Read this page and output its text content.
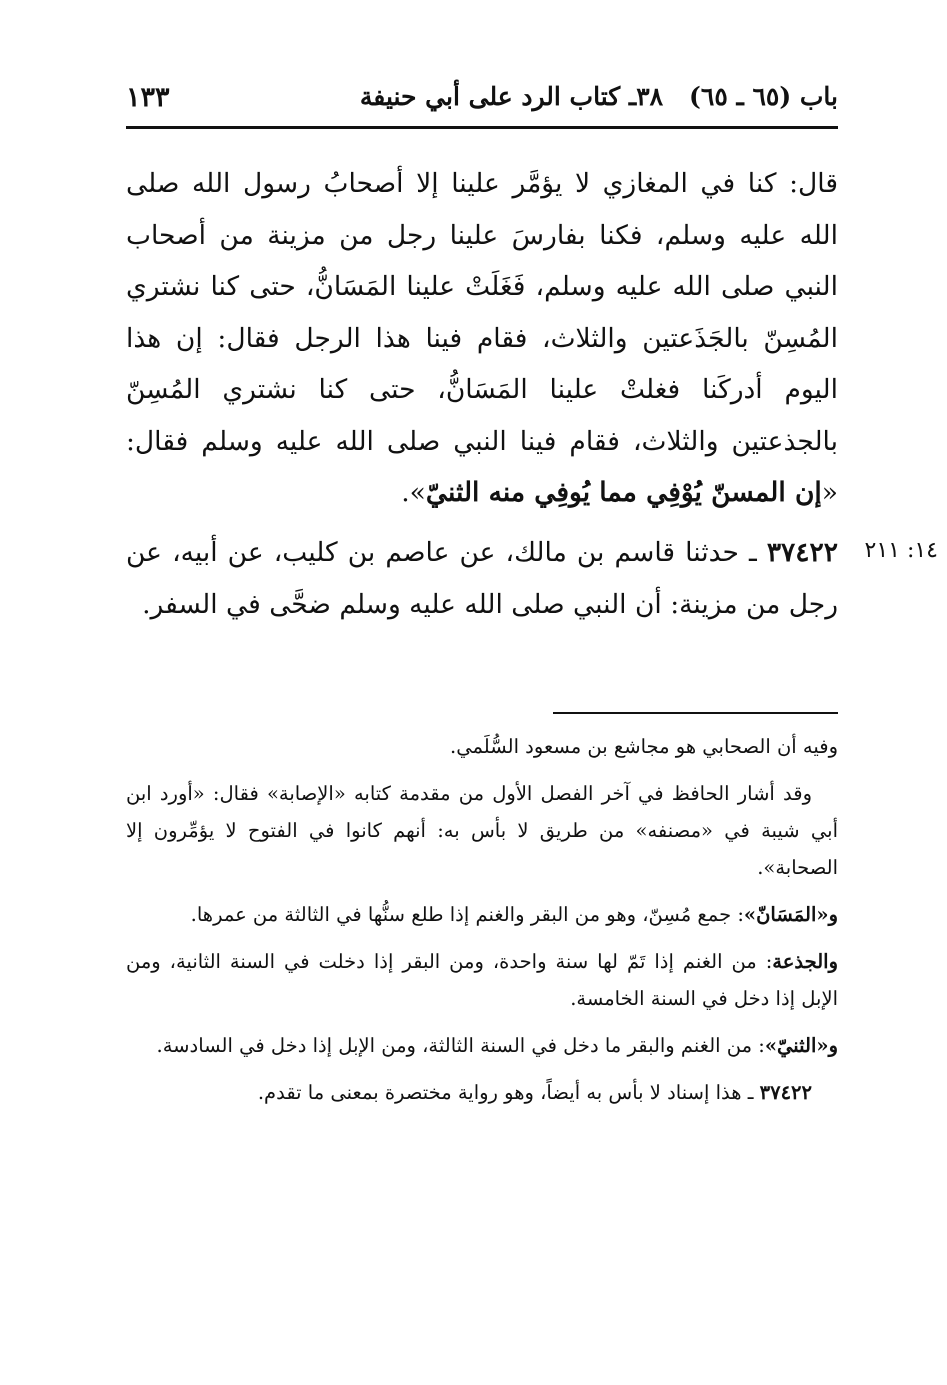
باب (٦٥ ـ ٦٥)٣٨ـ كتاب الرد على أبي حنيفة
١٣٣

قال: كنا في المغازي لا يؤمَّر علينا إلا أصحابُ رسول الله صلى الله عليه وسلم، فكنا بفارسَ علينا رجل من مزينة من أصحاب النبي صلى الله عليه وسلم، فَغَلَتْ علينا المَسَانُّ، حتى كنا نشتري المُسِنّ بالجَذَعتين والثلاث، فقام فينا هذا الرجل فقال: إن هذا اليوم أدركَنا فغلتْ علينا المَسَانُّ، حتى كنا نشتري المُسِنّ بالجذعتين والثلاث، فقام فينا النبي صلى الله عليه وسلم فقال: «إن المسنّ يُوْفِي مما يُوفِي منه الثنيّ».

١٤: ٢١١
٣٧٤٢٢ ـ حدثنا قاسم بن مالك، عن عاصم بن كليب، عن أبيه، عن رجل من مزينة: أن النبي صلى الله عليه وسلم ضحَّى في السفر.

وفيه أن الصحابي هو مجاشع بن مسعود السُّلَمي.

وقد أشار الحافظ في آخر الفصل الأول من مقدمة كتابه «الإصابة» فقال: «أورد ابن أبي شيبة في «مصنفه» من طريق لا بأس به: أنهم كانوا في الفتوح لا يؤمِّرون إلا الصحابة».

و«المَسَانّ»: جمع مُسِنّ، وهو من البقر والغنم إذا طلع سنُّها في الثالثة من عمرها.

والجذعة: من الغنم إذا تَمّ لها سنة واحدة، ومن البقر إذا دخلت في السنة الثانية، ومن الإبل إذا دخل في السنة الخامسة.

و«الثنيّ»: من الغنم والبقر ما دخل في السنة الثالثة، ومن الإبل إذا دخل في السادسة.

٣٧٤٢٢ ـ هذا إسناد لا بأس به أيضاً، وهو رواية مختصرة بمعنى ما تقدم.
